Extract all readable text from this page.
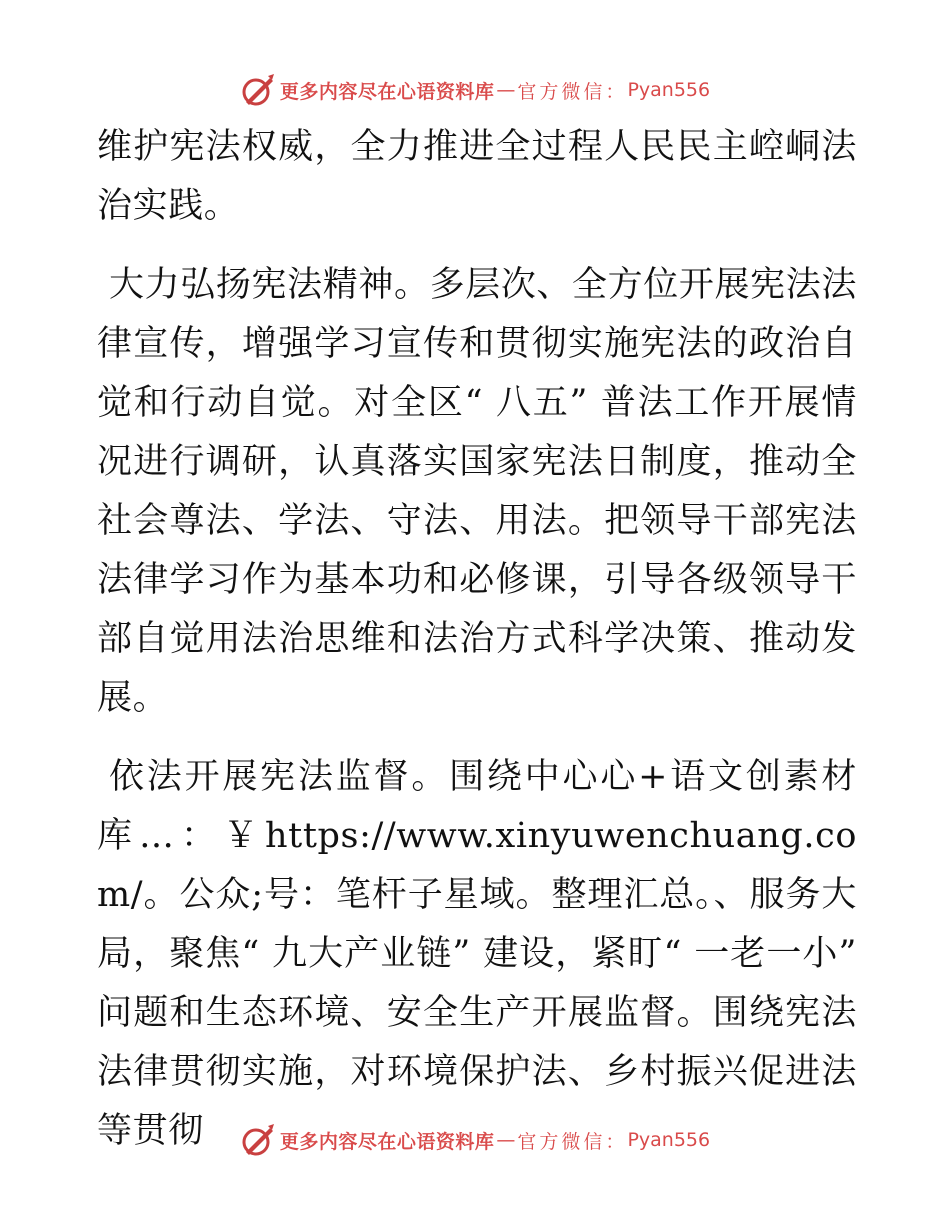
更多内容尽在心语资料库 — 官方微信： Pyan556

维护宪法权威，全力推进全过程人民民主崆峒法治实践。

大力弘扬宪法精神。多层次、全方位开展宪法法律宣传，增强学习宣传和贯彻实施宪法的政治自觉和行动自觉。对全区“ 八五” 普法工作开展情况进行调研，认真落实国家宪法日制度，推动全社会尊法、学法、守法、用法。把领导干部宪法法律学习作为基本功和必修课，引导各级领导干部自觉用法治思维和法治方式科学决策、推动发展。

依法开展宪法监督。围绕中心心+语文创素材库…：￥https://www.xinyuwenchuang.com/。公众;号：笔杆子星域。整理汇总。、服务大局，聚焦“ 九大产业链” 建设，紧盯“ 一老一小” 问题和生态环境、安全生产开展监督。围绕宪法法律贯彻实施，对环境保护法、乡村振兴促进法等贯彻	更多内容尽在心语资料库 — 官方微信： Pyan556
